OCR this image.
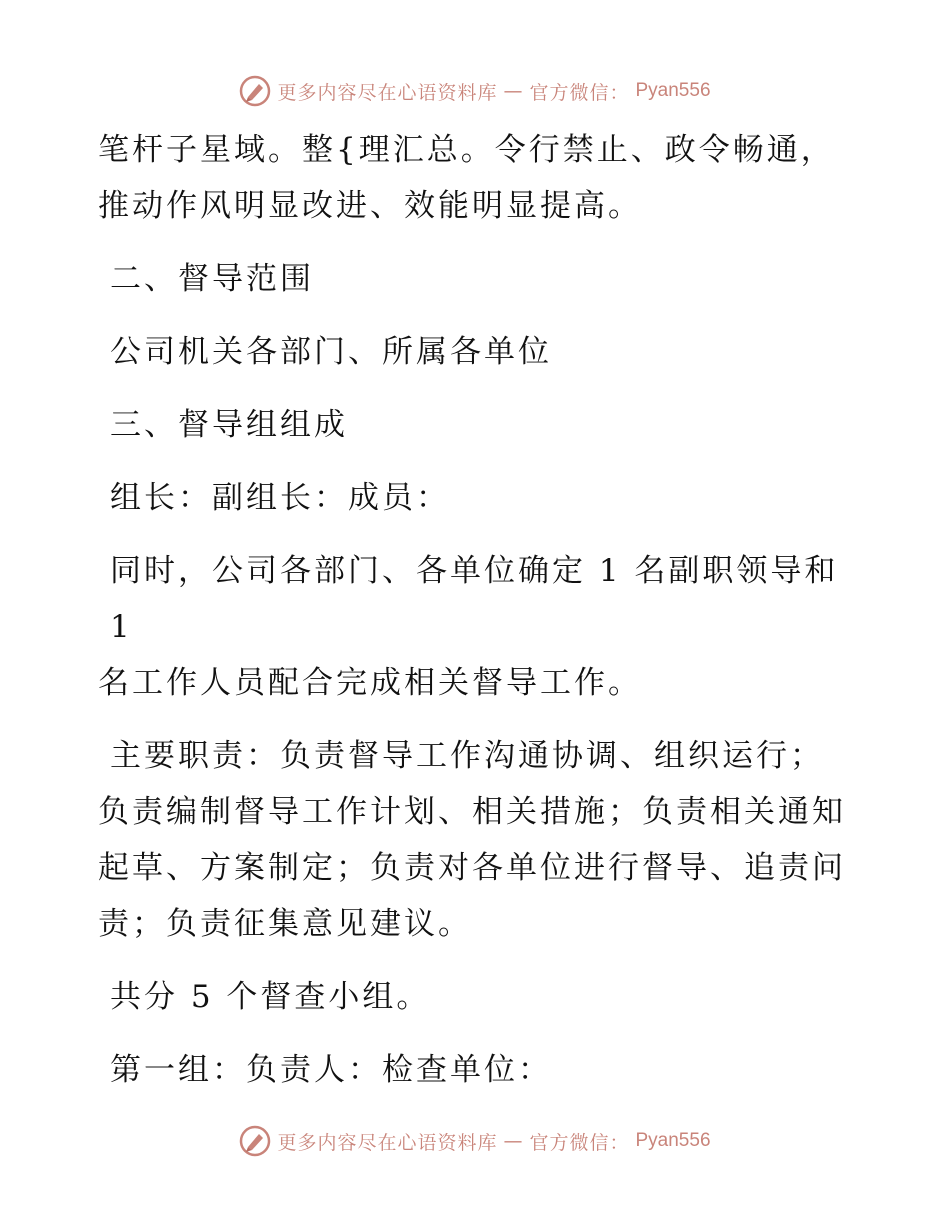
更多内容尽在心语资料库 — 官方微信： Pyan556

笔杆子星域。整{理汇总。令行禁止、政令畅通，
推动作风明显改进、效能明显提高。

二、督导范围

公司机关各部门、所属各单位

三、督导组组成

组长：副组长：成员：

同时，公司各部门、各单位确定 1 名副职领导和 1
名工作人员配合完成相关督导工作。

主要职责：负责督导工作沟通协调、组织运行；
负责编制督导工作计划、相关措施；负责相关通知
起草、方案制定；负责对各单位进行督导、追责问
责；负责征集意见建议。

共分 5 个督查小组。

第一组：负责人：检查单位：

更多内容尽在心语资料库 — 官方微信： Pyan556
